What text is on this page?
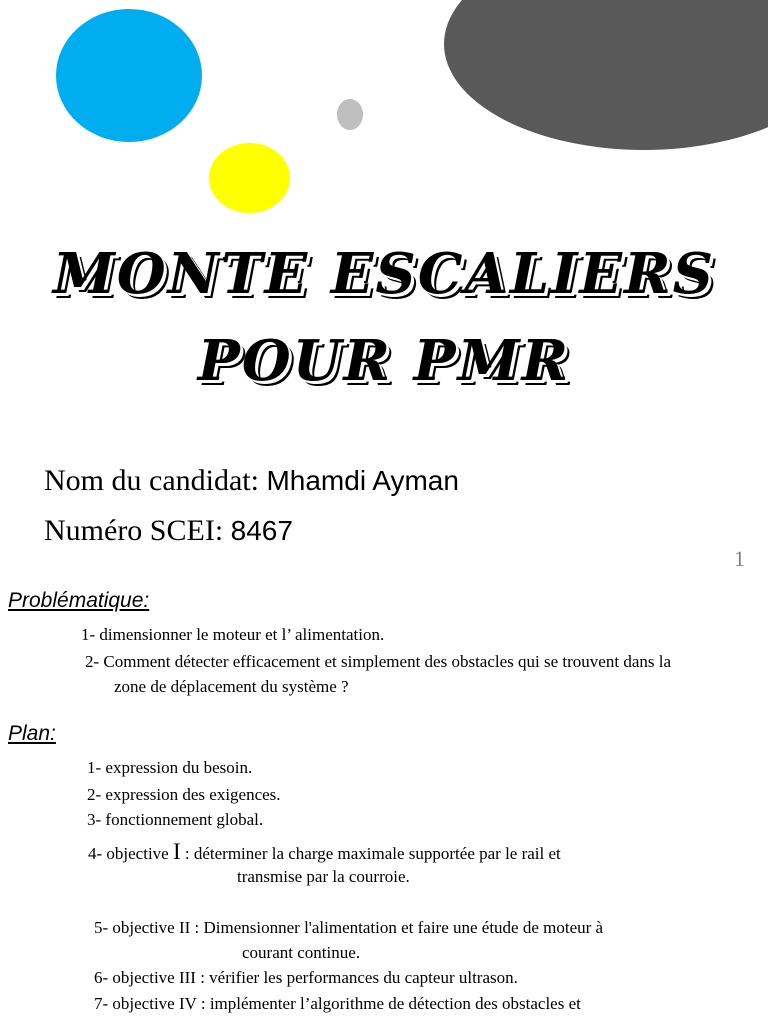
MONTE ESCALIERS
POUR PMR
Nom du candidat: Mhamdi Ayman
Numéro SCEI: 8467
1
Problématique:
1- dimensionner le moteur et l’ alimentation.
2- Comment détecter efficacement et simplement des obstacles qui se trouvent dans la
zone de déplacement du système ?
Plan:
1- expression du besoin.
2- expression des exigences.
3- fonctionnement global.
4- objective I : déterminer la charge maximale supportée par le rail et
transmise par la courroie.
5- objective II : Dimensionner l'alimentation et faire une étude de moteur à
courant continue.
6- objective III : vérifier les performances du capteur ultrason.
7- objective IV : implémenter l’algorithme de détection des obstacles et
